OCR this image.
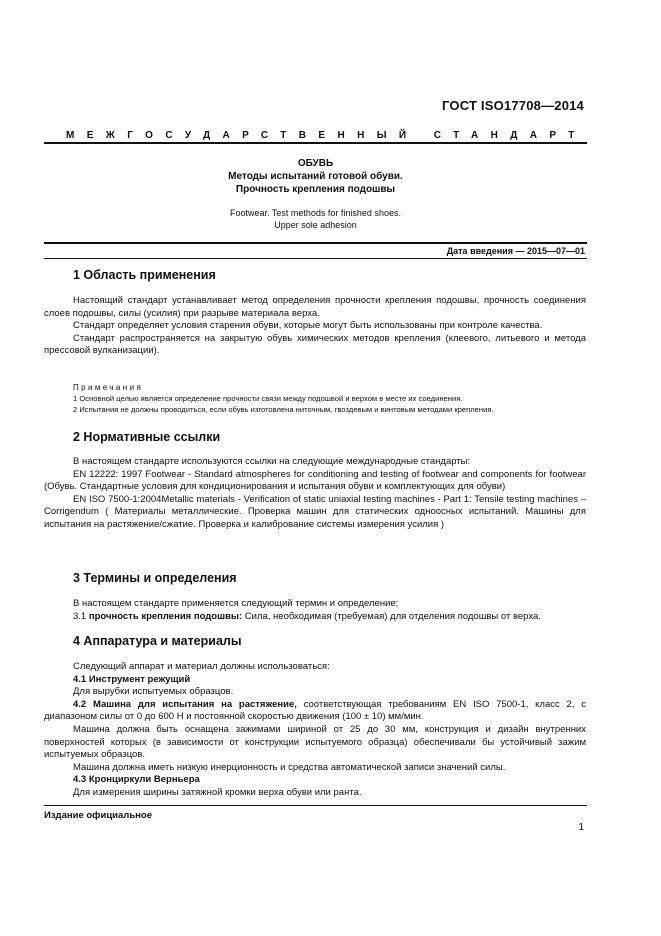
ГОСТ ISO17708—2014
МЕЖГОСУДАРСТВЕННЫЙ СТАНДАРТ
ОБУВЬ
Методы испытаний готовой обуви.
Прочность крепления подошвы
Footwear. Test methods for finished shoes.
Upper sole adhesion
Дата введения — 2015—07—01
1 Область применения

Настоящий стандарт устанавливает метод определения прочности крепления подошвы, прочность соединения слоев подошвы, силы (усилия) при разрыве материала верха.

Стандарт определяет условия старения обуви, которые могут быть использованы при контроле качества.

Стандарт распространяется на закрытую обувь химических методов крепления (клеевого, литьевого и метода прессовой вулканизации).

Примечания
1 Основной целью является определение прочности связи между подошвой и верхом в месте их соединения.
2 Испытания не должны проводиться, если обувь изготовлена ниточным, гвоздевым и винтовым методами крепления.
2 Нормативные ссылки

В настоящем стандарте используются ссылки на следующие международные стандарты:

EN 12222: 1997 Footwear - Standard atmospheres for conditioning and testing of footwear and components for footwear (Обувь. Стандартные условия для кондиционирования и испытания обуви и комплектующих для обуви)

EN ISO 7500-1:2004Metallic materials - Verification of static uniaxial testing machines - Part 1: Tensile testing machines – Corrigendum ( Материалы металлические. Проверка машин для статических одноосных испытаний. Машины для испытания на растяжение/сжатие. Проверка и калибрование системы измерения усилия )

3 Термины и определения

В настоящем стандарте применяется следующий термин и определение;

3.1 прочность крепления подошвы: Сила, необходимая (требуемая) для отделения подошвы от верха.

4 Аппаратура и материалы

Следующий аппарат и материал должны использоваться:

4.1 Инструмент режущий

Для вырубки испытуемых образцов.

4.2 Машина для испытания на растяжение, соответствующая требованиям EN ISO 7500-1, класс 2, с диапазоном силы от 0 до 600 Н и постоянной скоростью движения (100 ± 10) мм/мин.

Машина должна быть оснащена зажимами шириной от 25 до 30 мм, конструкция и дизайн внутренних поверхностей которых (в зависимости от конструкции испытуемого образца) обеспечивали бы устойчивый зажим испытуемых образцов.

Машина должна иметь низкую инерционность и средства автоматической записи значений силы.

4.3 Кронциркули Верньера

Для измерения ширины затяжной кромки верха обуви или ранта.

Издание официальное
1
